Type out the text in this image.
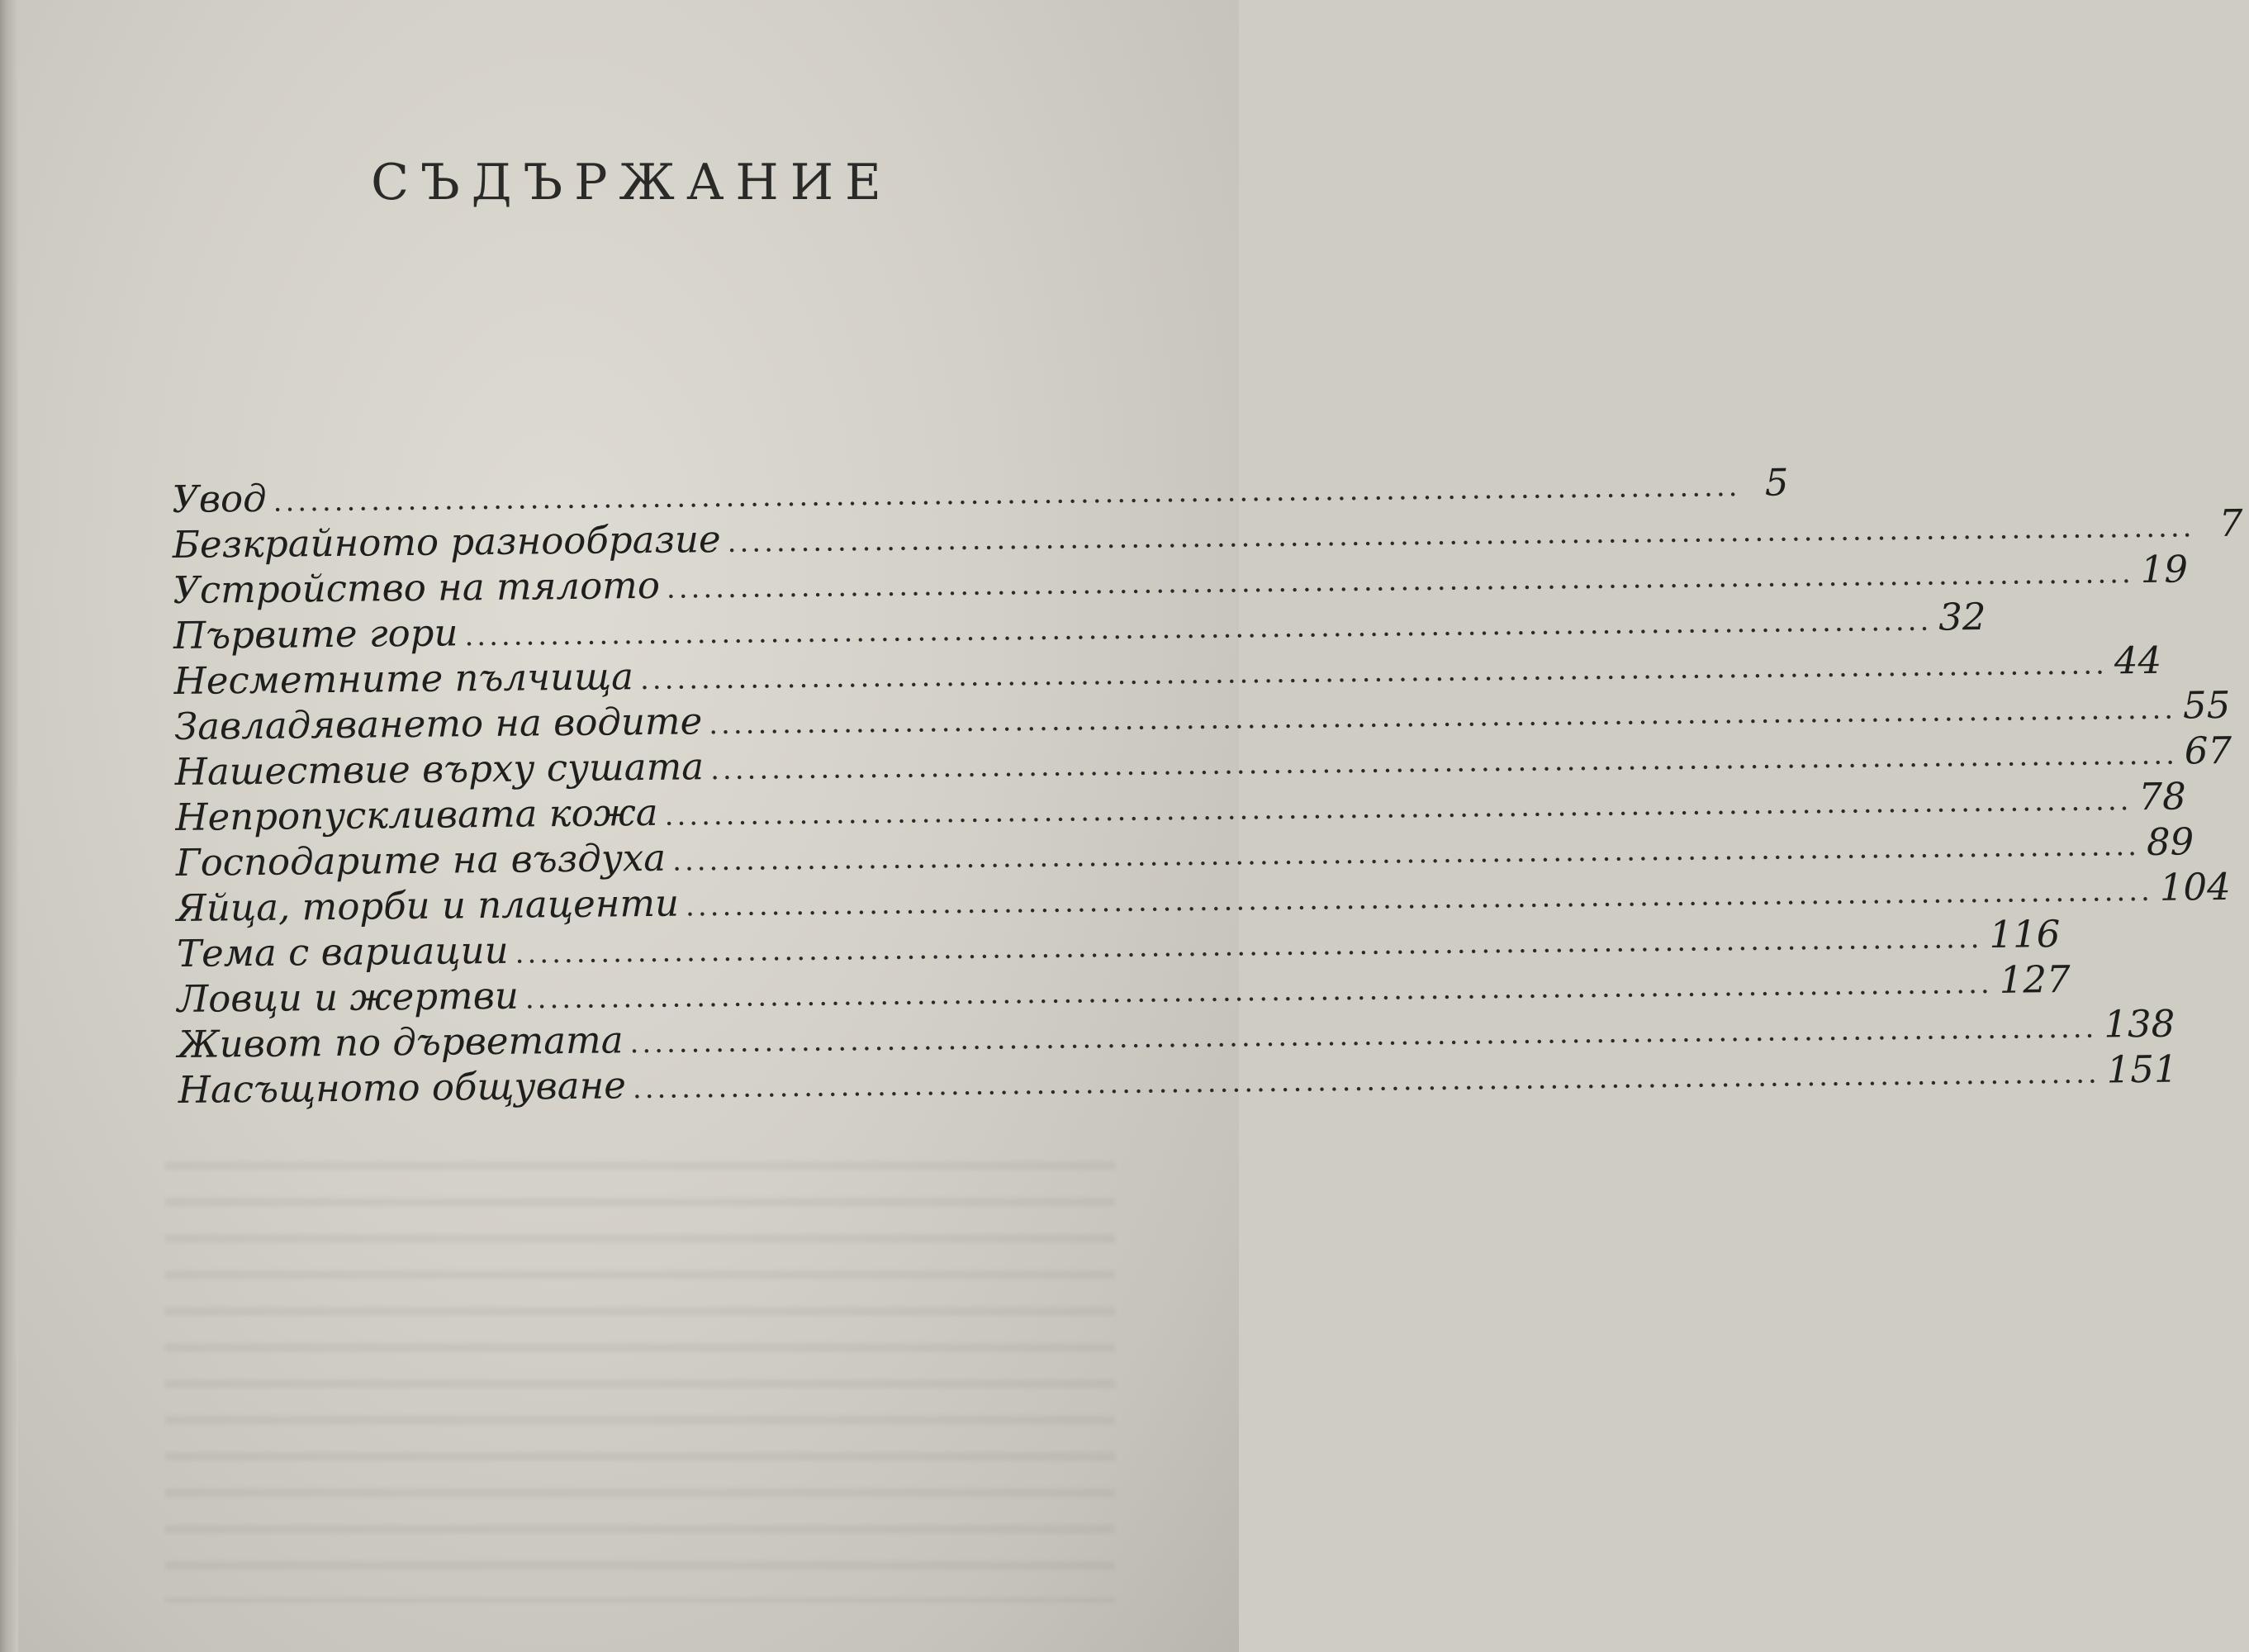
СЪДЪРЖАНИЕ
Увод ........................................................................................................................ 5
Безкрайното разнообразие ........................................................................................................................ 7
Устройство на тялото ........................................................................................................................ 19
Първите гори ........................................................................................................................ 32
Несметните пълчища ........................................................................................................................ 44
Завладяването на водите ........................................................................................................................ 55
Нашествие върху сушата ........................................................................................................................ 67
Непропускливата кожа ........................................................................................................................ 78
Господарите на въздуха ........................................................................................................................ 89
Яйца, торби и плаценти ........................................................................................................................ 104
Тема с вариации ........................................................................................................................ 116
Ловци и жертви ........................................................................................................................ 127
Живот по дърветата ........................................................................................................................ 138
Насъщното общуване ........................................................................................................................ 151
